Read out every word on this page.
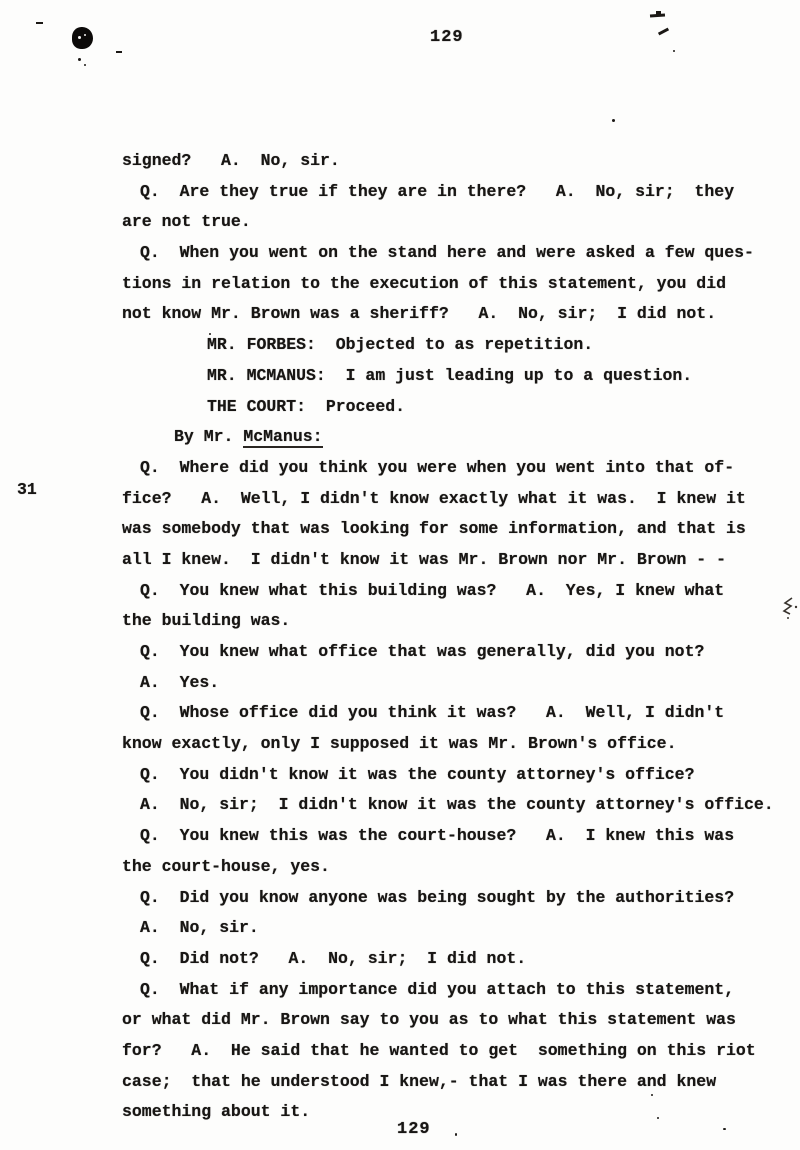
129
31
signed?   A.  No, sir.
Q.  Are they true if they are in there?   A.  No, sir;  they
are not true.
Q.  When you went on the stand here and were asked a few ques-
tions in relation to the execution of this statement, you did
not know Mr. Brown was a sheriff?   A.  No, sir;  I did not.
MR. FORBES:  Objected to as repetition.
MR. MCMANUS:  I am just leading up to a question.
THE COURT:  Proceed.
By Mr. McManus:
Q.  Where did you think you were when you went into that of-
fice?   A.  Well, I didn't know exactly what it was.  I knew it
was somebody that was looking for some information, and that is
all I knew.  I didn't know it was Mr. Brown nor Mr. Brown - -
Q.  You knew what this building was?   A.  Yes, I knew what
the building was.
Q.  You knew what office that was generally, did you not?
A.  Yes.
Q.  Whose office did you think it was?   A.  Well, I didn't
know exactly, only I supposed it was Mr. Brown's office.
Q.  You didn't know it was the county attorney's office?
A.  No, sir;  I didn't know it was the county attorney's office.
Q.  You knew this was the court-house?   A.  I knew this was
the court-house, yes.
Q.  Did you know anyone was being sought by the authorities?
A.  No, sir.
Q.  Did not?   A.  No, sir;  I did not.
Q.  What if any importance did you attach to this statement,
or what did Mr. Brown say to you as to what this statement was
for?   A.  He said that he wanted to get  something on this riot
case;  that he understood I knew,- that I was there and knew
something about it.
129
